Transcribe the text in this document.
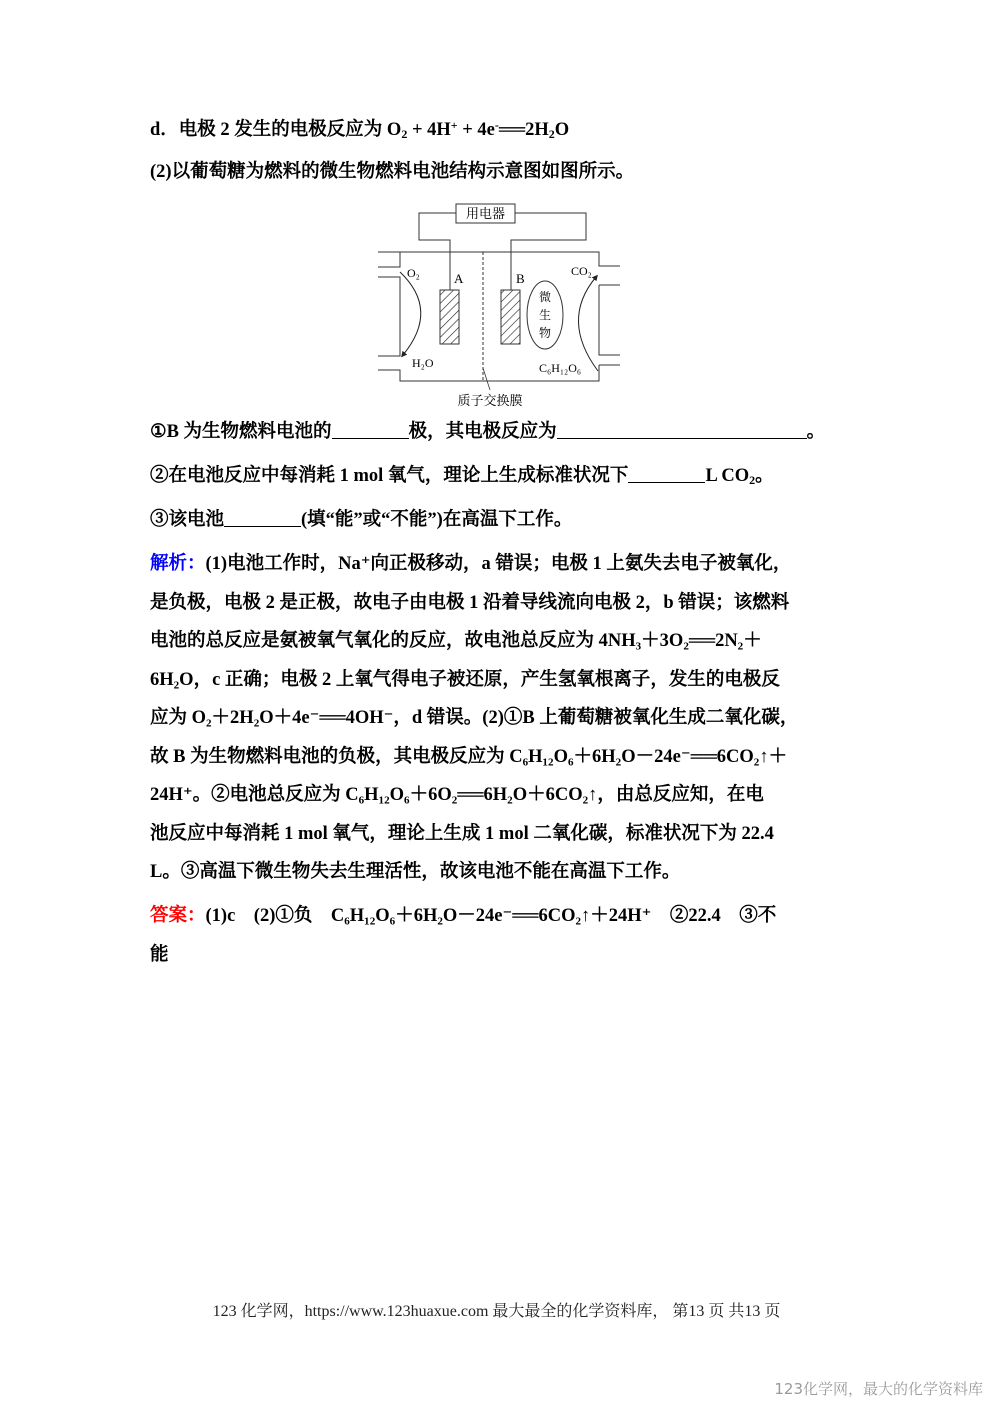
d．电极 2 发生的电极反应为 $O_2 + 4H^+$ + $4e^-══2H_2O$
(2)以葡萄糖为燃料的微生物燃料电池结构示意图如图所示。
用电器
A	B
微
生
物
O₂
H₂O
CO₂
C₆H₁₂O₆
质子交换膜
①B 为生物燃料电池的	极，其电极反应为	。
②在电池反应中每消耗 1 mol 氧气，理论上生成标准状况下	L $CO_2$。
③该电池	(填“能”或“不能”)在高温下工作。
解析：(1)电池工作时，Na⁺向正极移动，a 错误；电极 1 上氨失去电子被氧化，
是负极，电极 2 是正极，故电子由电极 1 沿着导线流向电极 2，b 错误；该燃料
电池的总反应是氨被氧气氧化的反应，故电池总反应为 4NH₃＋3O₂══2N₂＋
6H₂O，c 正确；电极 2 上氧气得电子被还原，产生氢氧根离子，发生的电极反
应为 O₂＋2H₂O＋4e⁻══4OH⁻，d 错误。(2)①B 上葡萄糖被氧化生成二氧化碳，
故 B 为生物燃料电池的负极，其电极反应为 C₆H₁₂O₆＋6H₂O－24e⁻══6CO₂↑＋
24H⁺。②电池总反应为 C₆H₁₂O₆＋6O₂══6H₂O＋6CO₂↑，由总反应知，在电
池反应中每消耗 1 mol 氧气，理论上生成 1 mol 二氧化碳，标准状况下为 22.4
L。③高温下微生物失去生理活性，故该电池不能在高温下工作。
答案：(1)c　(2)①负　C₆H₁₂O₆＋6H₂O－24e⁻══6CO₂↑＋24H⁺　②22.4　③不
能
123 化学网，https://www.123huaxue.com 最大最全的化学资料库， 第13 页 共13 页
123化学网，最大的化学资料库
